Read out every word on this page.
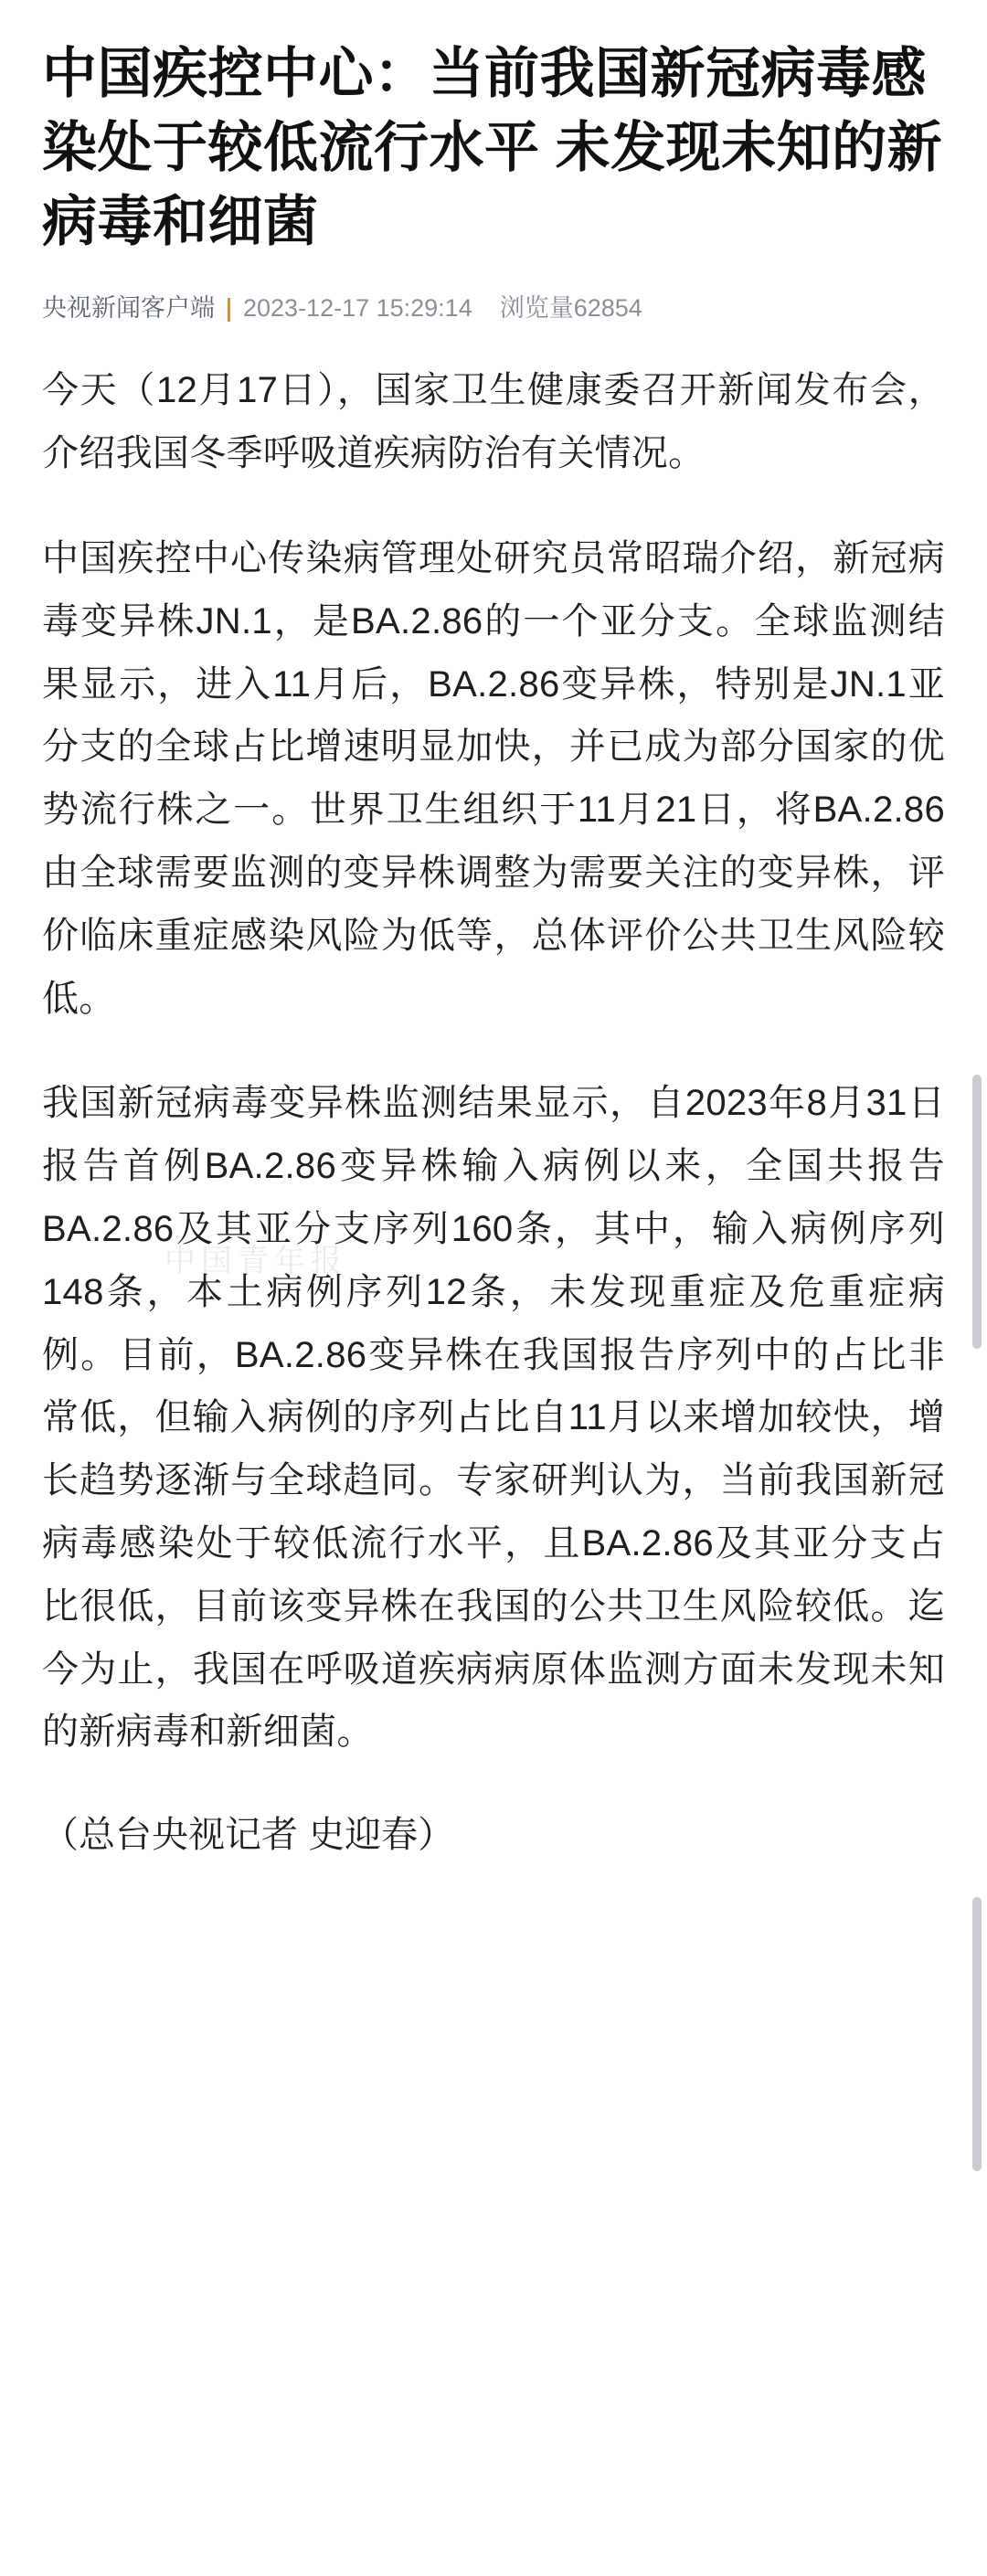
中国疾控中心：当前我国新冠病毒感染处于较低流行水平 未发现未知的新病毒和细菌
央视新闻客户端 2023-12-17 15:29:14 浏览量62854

今天（12月17日），国家卫生健康委召开新闻发布会，介绍我国冬季呼吸道疾病防治有关情况。

中国疾控中心传染病管理处研究员常昭瑞介绍，新冠病毒变异株JN.1，是BA.2.86的一个亚分支。全球监测结果显示，进入11月后，BA.2.86变异株，特别是JN.1亚分支的全球占比增速明显加快，并已成为部分国家的优势流行株之一。世界卫生组织于11月21日，将BA.2.86由全球需要监测的变异株调整为需要关注的变异株，评价临床重症感染风险为低等，总体评价公共卫生风险较低。

我国新冠病毒变异株监测结果显示，自2023年8月31日报告首例BA.2.86变异株输入病例以来，全国共报告BA.2.86及其亚分支序列160条，其中，输入病例序列148条，本土病例序列12条，未发现重症及危重症病例。目前，BA.2.86变异株在我国报告序列中的占比非常低，但输入病例的序列占比自11月以来增加较快，增长趋势逐渐与全球趋同。专家研判认为，当前我国新冠病毒感染处于较低流行水平，且BA.2.86及其亚分支占比很低，目前该变异株在我国的公共卫生风险较低。迄今为止，我国在呼吸道疾病病原体监测方面未发现未知的新病毒和新细菌。

（总台央视记者 史迎春）
中国青年报
